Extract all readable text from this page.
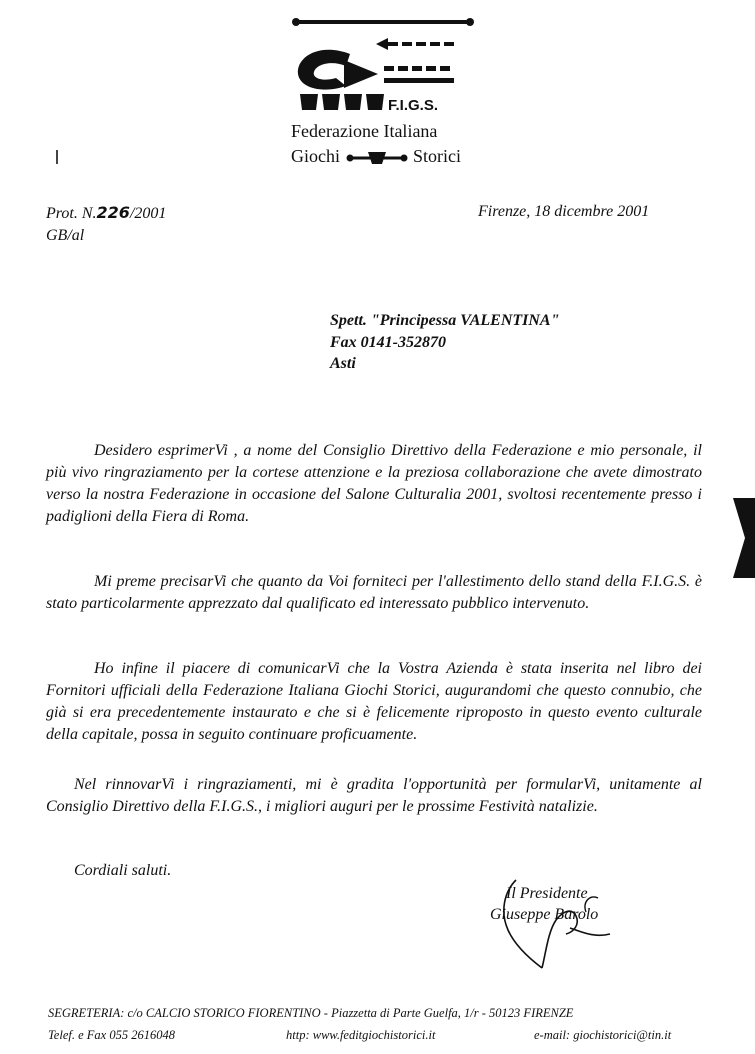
F.I.G.S.
Federazione Italiana
Giochi	Storici
Prot. N.226/2001
GB/al
Firenze, 18 dicembre 2001
Spett. "Principessa VALENTINA"
Fax 0141-352870
Asti

Desidero esprimerVi , a nome del Consiglio Direttivo della Federazione e mio personale, il più vivo ringraziamento per la cortese attenzione e la preziosa collaborazione che avete dimostrato verso la nostra Federazione in occasione del Salone Culturalia 2001, svoltosi recentemente presso i padiglioni della Fiera di Roma.

Mi preme precisarVi che quanto da Voi forniteci per l'allestimento dello stand della F.I.G.S. è stato particolarmente apprezzato dal qualificato ed interessato pubblico intervenuto.

Ho infine il piacere di comunicarVi che la Vostra Azienda è stata inserita nel libro dei Fornitori ufficiali della Federazione Italiana Giochi Storici, augurandomi che questo connubio, che già si era precedentemente instaurato e che si è felicemente riproposto in questo evento culturale della capitale, possa in seguito continuare proficuamente.

Nel rinnovarVi i ringraziamenti, mi è gradita l'opportunità per formularVi, unitamente al Consiglio Direttivo della F.I.G.S., i migliori auguri per le prossime Festività natalizie.

Cordiali saluti.
Il Presidente
Giuseppe Barolo
SEGRETERIA: c/o CALCIO STORICO FIORENTINO - Piazzetta di Parte Guelfa, 1/r - 50123 FIRENZE
Telef. e Fax 055 2616048	http: www.feditgiochistorici.it	e-mail: giochistorici@tin.it
